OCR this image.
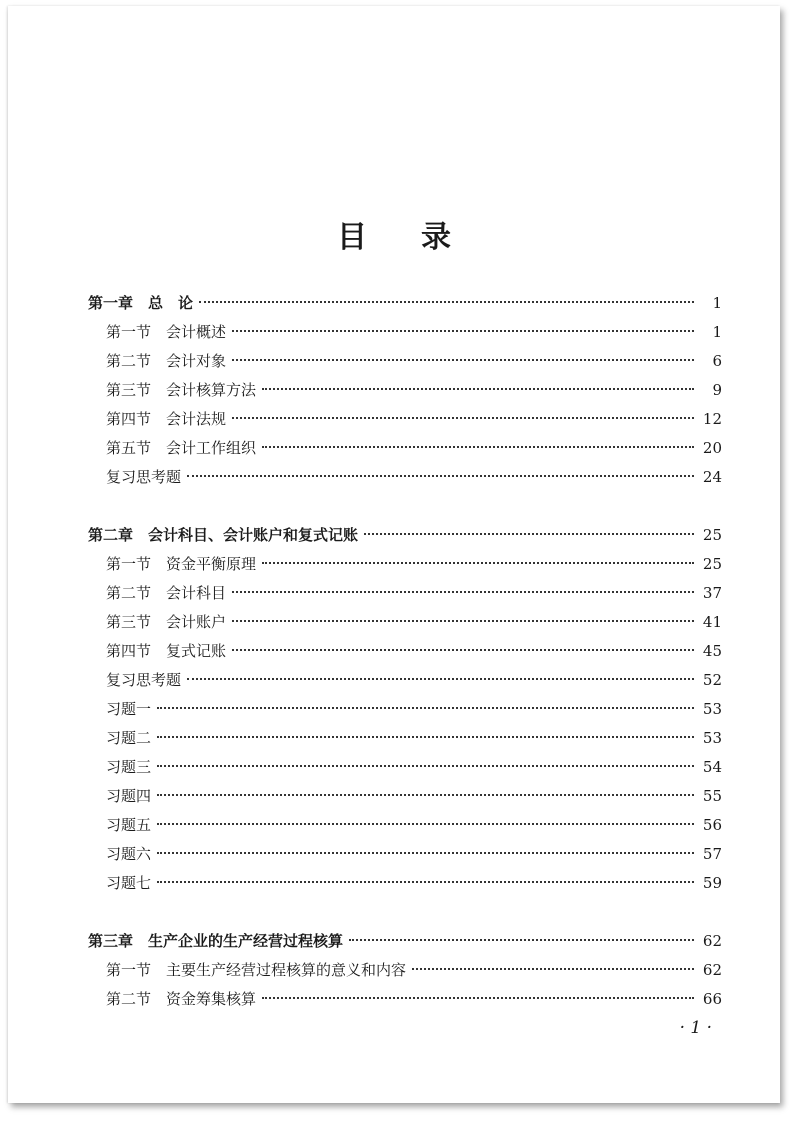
目 录
第一章　总　论	1
第一节　会计概述	1
第二节　会计对象	6
第三节　会计核算方法	9
第四节　会计法规	12
第五节　会计工作组织	20
复习思考题	24
第二章　会计科目、会计账户和复式记账	25
第一节　资金平衡原理	25
第二节　会计科目	37
第三节　会计账户	41
第四节　复式记账	45
复习思考题	52
习题一	53
习题二	53
习题三	54
习题四	55
习题五	56
习题六	57
习题七	59
第三章　生产企业的生产经营过程核算	62
第一节　主要生产经营过程核算的意义和内容	62
第二节　资金筹集核算	66
· 1 ·
